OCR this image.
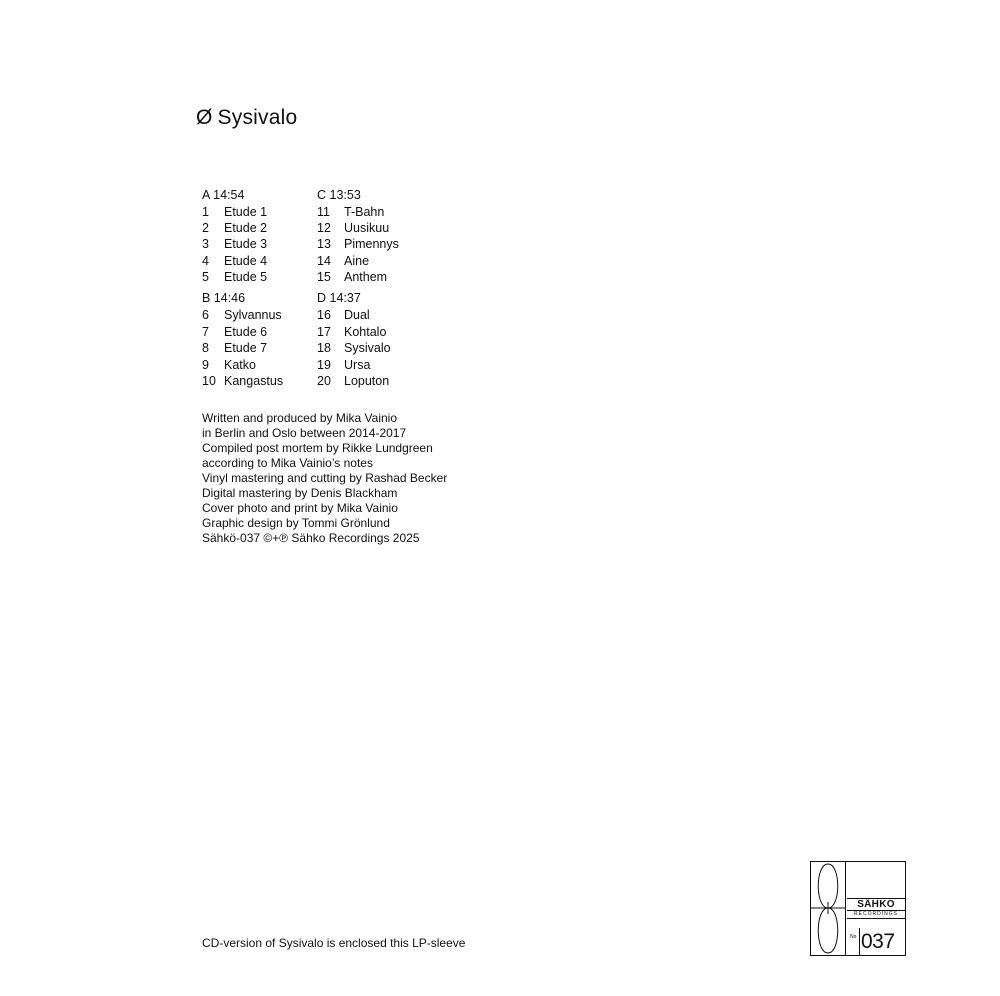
Ø Sysivalo
A 14:54
1 Etude 1
2 Etude 2
3 Etude 3
4 Etude 4
5 Etude 5
B 14:46
6 Sylvannus
7 Etude 6
8 Etude 7
9 Katko
10 Kangastus
C 13:53
11 T-Bahn
12 Uusikuu
13 Pimennys
14 Aine
15 Anthem
D 14:37
16 Dual
17 Kohtalo
18 Sysivalo
19 Ursa
20 Loputon
Written and produced by Mika Vainio
in Berlin and Oslo between 2014-2017
Compiled post mortem by Rikke Lundgreen
according to Mika Vainio’s notes
Vinyl mastering and cutting by Rashad Becker
Digital mastering by Denis Blackham
Cover photo and print by Mika Vainio
Graphic design by Tommi Grönlund
Sähkö-037 ©+℗ Sähko Recordings 2025
CD-version of Sysivalo is enclosed this LP-sleeve
SÄHKÖ
RECORDINGS
No 037
